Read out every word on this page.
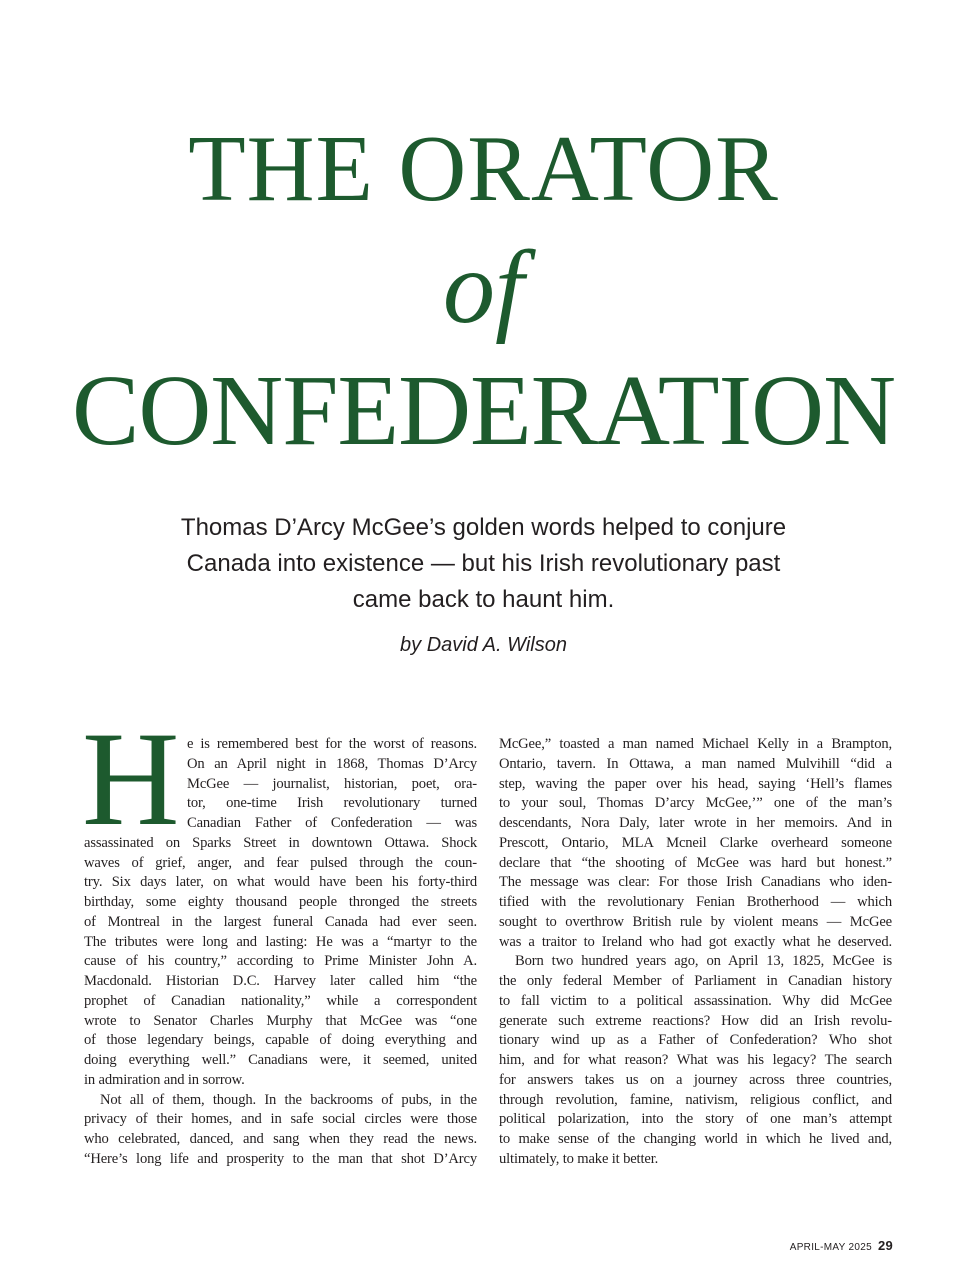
THE ORATOR
of
CONFEDERATION
Thomas D’Arcy McGee’s golden words helped to conjure
Canada into existence — but his Irish revolutionary past
came back to haunt him.
by David A. Wilson
H e is remembered best for the worst of reasons.
On an April night in 1868, Thomas D’Arcy
McGee — journalist, historian, poet, ora-
tor, one-time Irish revolutionary turned
Canadian Father of Confederation — was
assassinated on Sparks Street in downtown Ottawa. Shock
waves of grief, anger, and fear pulsed through the coun-
try. Six days later, on what would have been his forty-third
birthday, some eighty thousand people thronged the streets
of Montreal in the largest funeral Canada had ever seen.
The tributes were long and lasting: He was a “martyr to the
cause of his country,” according to Prime Minister John A.
Macdonald. Historian D.C. Harvey later called him “the
prophet of Canadian nationality,” while a correspondent
wrote to Senator Charles Murphy that McGee was “one
of those legendary beings, capable of doing everything and
doing everything well.” Canadians were, it seemed, united
in admiration and in sorrow.
Not all of them, though. In the backrooms of pubs, in the
privacy of their homes, and in safe social circles were those
who celebrated, danced, and sang when they read the news.
“Here’s long life and prosperity to the man that shot D’Arcy
McGee,” toasted a man named Michael Kelly in a Brampton,
Ontario, tavern. In Ottawa, a man named Mulvihill “did a
step, waving the paper over his head, saying ‘Hell’s flames
to your soul, Thomas D’arcy McGee,’” one of the man’s
descendants, Nora Daly, later wrote in her memoirs. And in
Prescott, Ontario, MLA Mcneil Clarke overheard someone
declare that “the shooting of McGee was hard but honest.”
The message was clear: For those Irish Canadians who iden-
tified with the revolutionary Fenian Brotherhood — which
sought to overthrow British rule by violent means — McGee
was a traitor to Ireland who had got exactly what he deserved.
Born two hundred years ago, on April 13, 1825, McGee is
the only federal Member of Parliament in Canadian history
to fall victim to a political assassination. Why did McGee
generate such extreme reactions? How did an Irish revolu-
tionary wind up as a Father of Confederation? Who shot
him, and for what reason? What was his legacy? The search
for answers takes us on a journey across three countries,
through revolution, famine, nativism, religious conflict, and
political polarization, into the story of one man’s attempt
to make sense of the changing world in which he lived and,
ultimately, to make it better.
APRIL-MAY 2025 29
